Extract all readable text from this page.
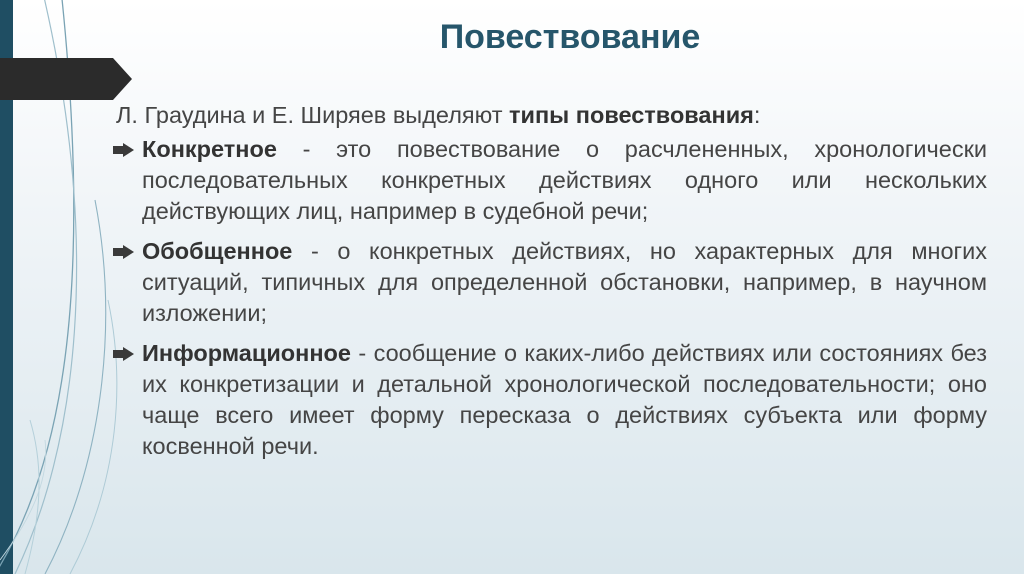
Повествование

Л. Граудина и Е. Ширяев выделяют типы повествования:

Конкретное - это повествование о расчлененных, хронологически последовательных конкретных действиях одного или нескольких действующих лиц, например в судебной речи;
Обобщенное - о конкретных действиях, но характерных для многих ситуаций, типичных для определенной обстановки, например, в научном изложении;
Информационное - сообщение о каких-либо действиях или состояниях без их конкретизации и детальной хронологической последовательности; оно чаще всего имеет форму пересказа о действиях субъекта или форму косвенной речи.
